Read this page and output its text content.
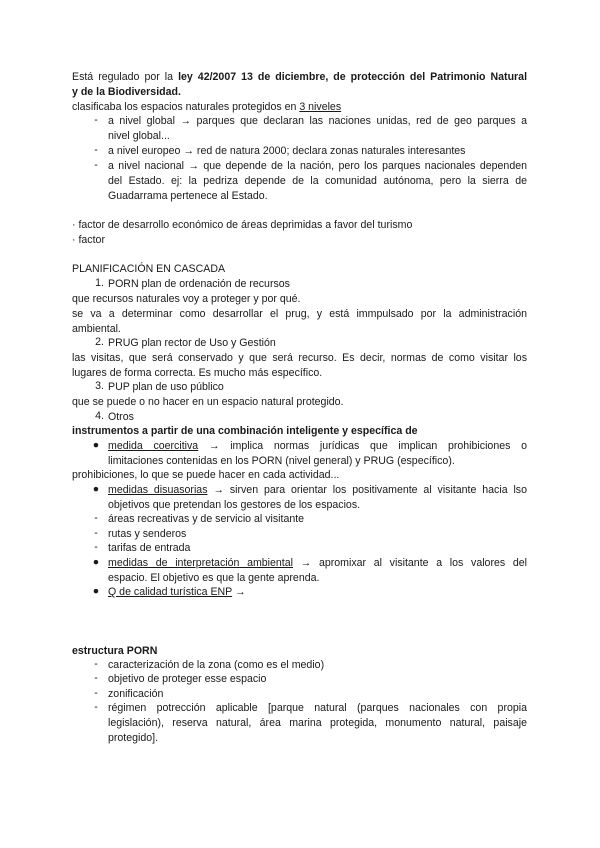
Está regulado por la ley 42/2007 13 de diciembre, de protección del Patrimonio Natural
y de la Biodiversidad.
clasificaba los espacios naturales protegidos en 3 niveles
- a nivel global → parques que declaran las naciones unidas, red de geo parques a
nivel global...
- a nivel europeo → red de natura 2000; declara zonas naturales interesantes
- a nivel nacional → que depende de la nación, pero los parques nacionales dependen
del Estado. ej: la pedriza depende de la comunidad autónoma, pero la sierra de
Guadarrama pertenece al Estado.
· factor de desarrollo económico de áreas deprimidas a favor del turismo
· factor
PLANIFICACIÓN EN CASCADA
1. PORN plan de ordenación de recursos
que recursos naturales voy a proteger y por qué.
se va a determinar como desarrollar el prug, y está immpulsado por la administración
ambiental.
2. PRUG plan rector de Uso y Gestión
las visitas, que será conservado y que será recurso. Es decir, normas de como visitar los
lugares de forma correcta. Es mucho más específico.
3. PUP plan de uso público
que se puede o no hacer en un espacio natural protegido.
4. Otros
instrumentos a partir de una combinación inteligente y específica de
● medida coercitiva → implica normas jurídicas que implican prohibiciones o
limitaciones contenidas en los PORN (nivel general) y PRUG (específico).
prohibiciones, lo que se puede hacer en cada actividad...
● medidas disuasorias → sirven para orientar los positivamente al visitante hacia lso
objetivos que pretendan los gestores de los espacios.
- áreas recreativas y de servicio al visitante
- rutas y senderos
- tarifas de entrada
● medidas de interpretación ambiental → apromixar al visitante a los valores del
espacio. El objetivo es que la gente aprenda.
● Q de calidad turística ENP →
estructura PORN
- caracterización de la zona (como es el medio)
- objetivo de proteger esse espacio
- zonificación
- régimen potrección aplicable [parque natural (parques nacionales con propia
legislación), reserva natural, área marina protegida, monumento natural, paisaje
protegido].
